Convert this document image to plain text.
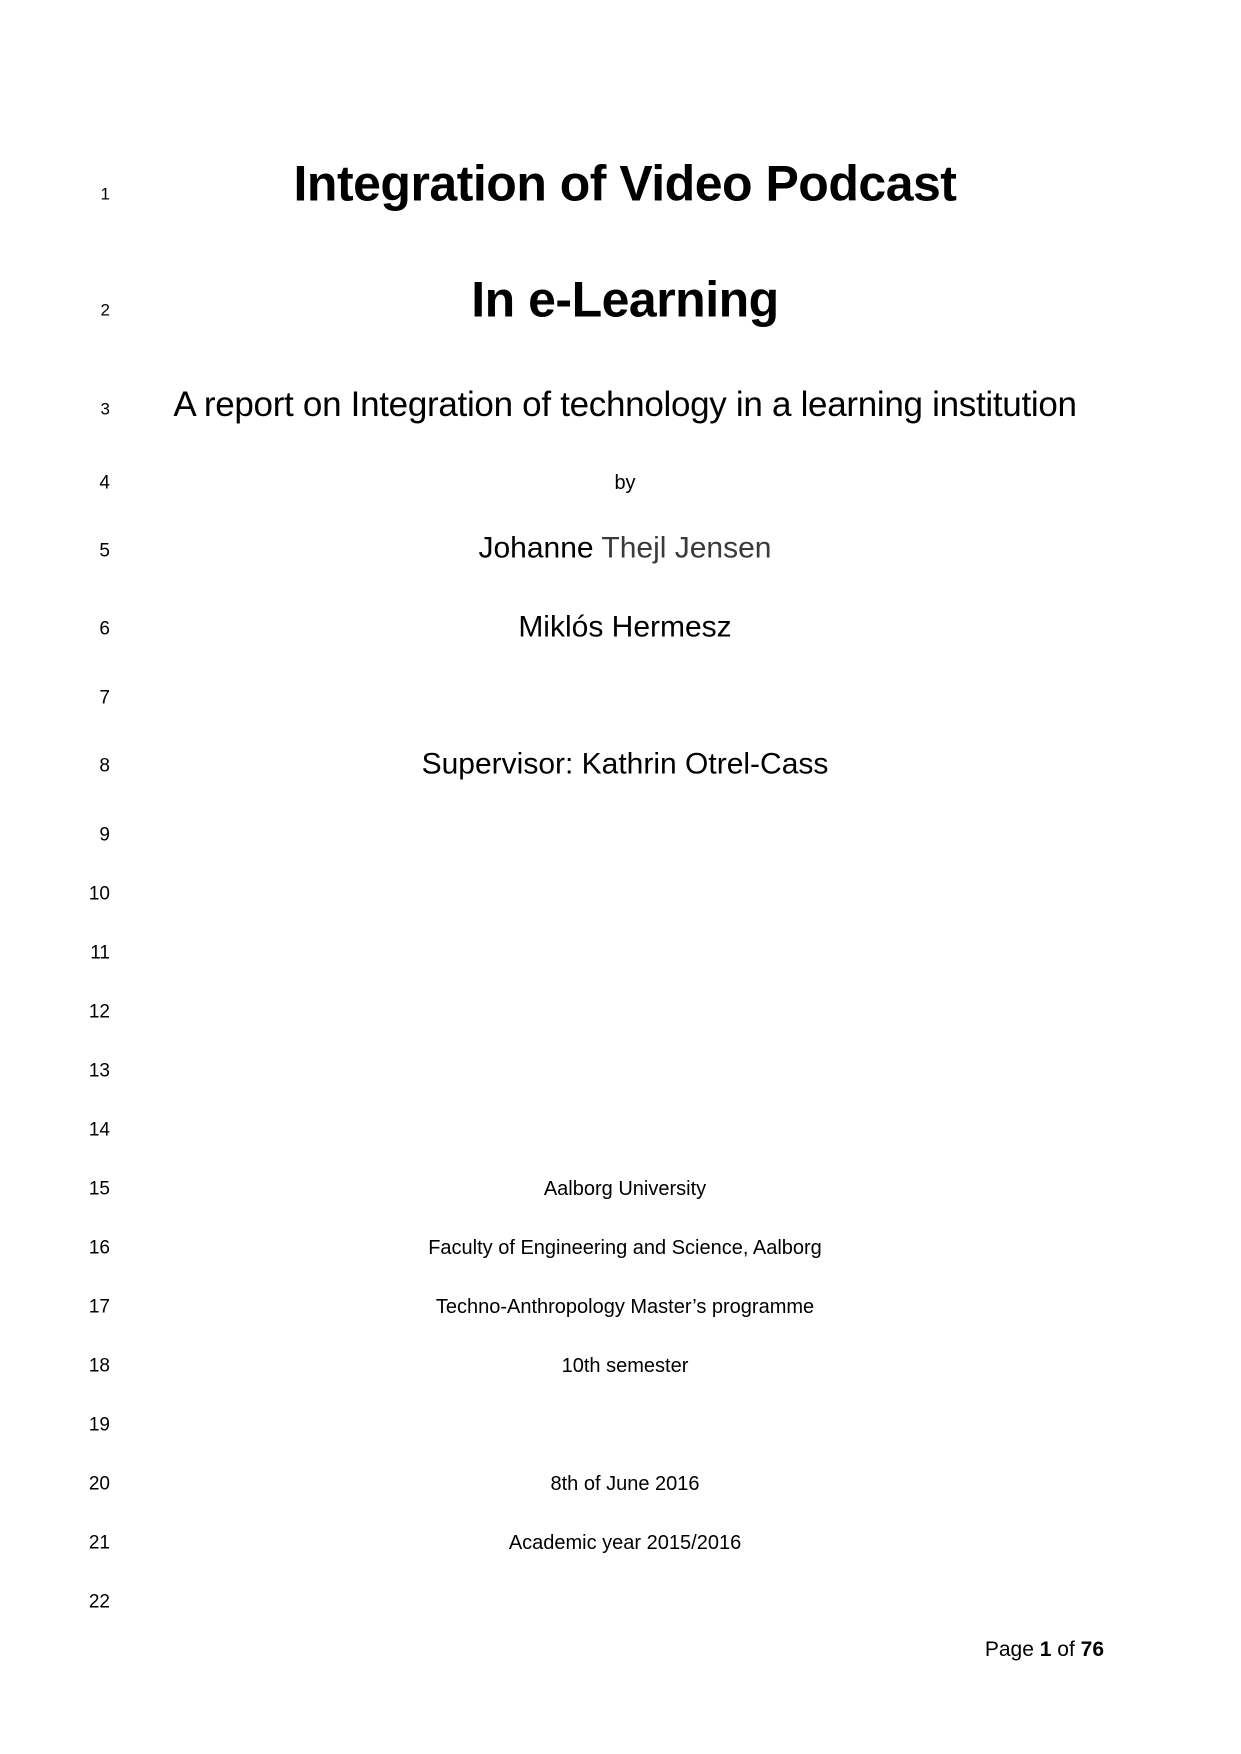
1
2
3
4
5
6
7
8
9
10
11
12
13
14
15
16
17
18
19
20
21
22
Integration of Video Podcast
In e-Learning
A report on Integration of technology in a learning institution
by
Johanne Thejl Jensen
Miklós Hermesz
Supervisor: Kathrin Otrel-Cass
Aalborg University
Faculty of Engineering and Science, Aalborg
Techno-Anthropology Master’s programme
10th semester
8th of June 2016
Academic year 2015/2016
Page 1 of 76
